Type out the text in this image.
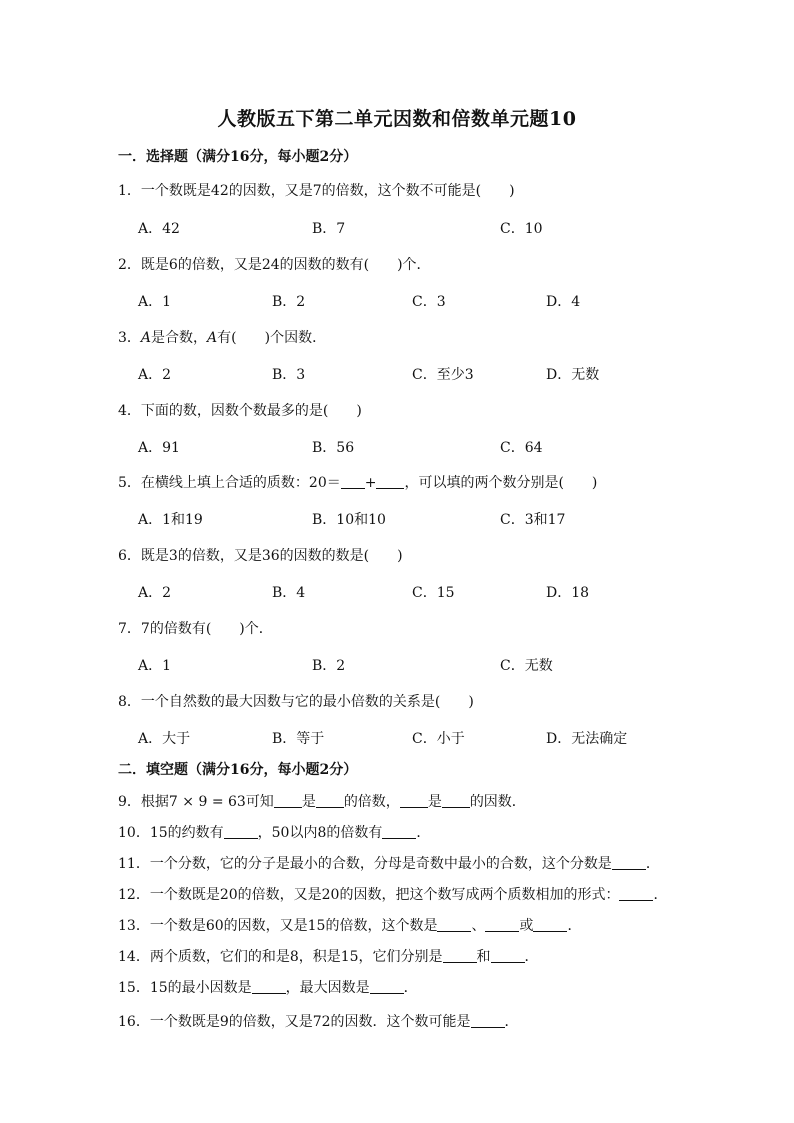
人教版五下第二单元因数和倍数单元题10
一．选择题（满分16分，每小题2分）
1．一个数既是42的因数，又是7的倍数，这个数不可能是(　　)
A．42	B．7	C．10
2．既是6的倍数，又是24的因数的数有(　　)个．
A．1	B．2	C．3	D．4
3．A是合数，A有(　　)个因数．
A．2	B．3	C．至少3	D．无数
4．下面的数，因数个数最多的是(　　)
A．91	B．56	C．64
5．在横线上填上合适的质数：20＝ + ，可以填的两个数分别是(　　)
A．1和19	B．10和10	C．3和17
6．既是3的倍数，又是36的因数的数是(　　)
A．2	B．4	C．15	D．18
7．7的倍数有(　　)个．
A．1	B．2	C．无数
8．一个自然数的最大因数与它的最小倍数的关系是(　　)
A．大于	B．等于	C．小于	D．无法确定
二．填空题（满分16分，每小题2分）
9．根据7 × 9 = 63可知 是 的倍数， 是 的因数．
10．15的约数有 ，50以内8的倍数有 ．
11．一个分数，它的分子是最小的合数，分母是奇数中最小的合数，这个分数是 ．
12．一个数既是20的倍数，又是20的因数，把这个数写成两个质数相加的形式： ．
13．一个数是60的因数，又是15的倍数，这个数是 、 或 ．
14．两个质数，它们的和是8，积是15，它们分别是 和 ．
15．15的最小因数是 ，最大因数是 ．
16．一个数既是9的倍数，又是72的因数．这个数可能是 ．
